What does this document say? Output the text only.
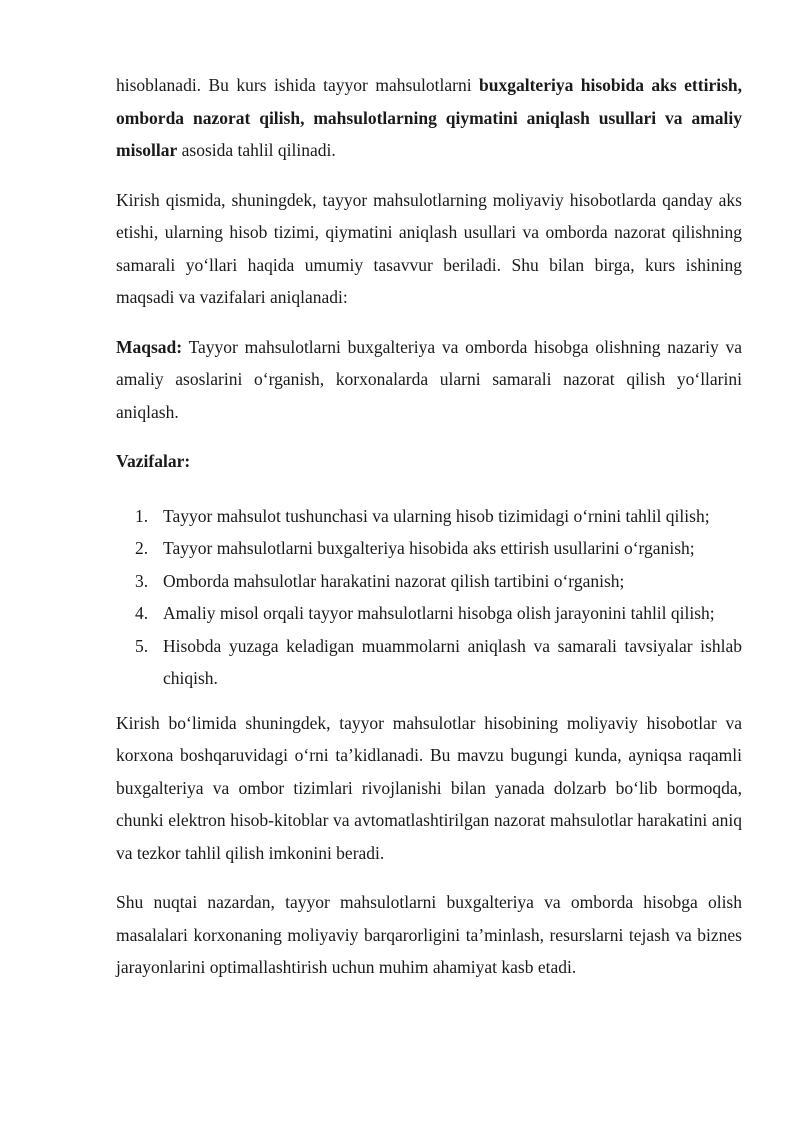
hisoblanadi. Bu kurs ishida tayyor mahsulotlarni buxgalteriya hisobida aks ettirish, omborda nazorat qilish, mahsulotlarning qiymatini aniqlash usullari va amaliy misollar asosida tahlil qilinadi.

Kirish qismida, shuningdek, tayyor mahsulotlarning moliyaviy hisobotlarda qanday aks etishi, ularning hisob tizimi, qiymatini aniqlash usullari va omborda nazorat qilishning samarali yo‘llari haqida umumiy tasavvur beriladi. Shu bilan birga, kurs ishining maqsadi va vazifalari aniqlanadi:

Maqsad: Tayyor mahsulotlarni buxgalteriya va omborda hisobga olishning nazariy va amaliy asoslarini o‘rganish, korxonalarda ularni samarali nazorat qilish yo‘llarini aniqlash.

Vazifalar:
1. Tayyor mahsulot tushunchasi va ularning hisob tizimidagi o‘rnini tahlil qilish;
2. Tayyor mahsulotlarni buxgalteriya hisobida aks ettirish usullarini o‘rganish;
3. Omborda mahsulotlar harakatini nazorat qilish tartibini o‘rganish;
4. Amaliy misol orqali tayyor mahsulotlarni hisobga olish jarayonini tahlil qilish;
5. Hisobda yuzaga keladigan muammolarni aniqlash va samarali tavsiyalar ishlab chiqish.

Kirish bo‘limida shuningdek, tayyor mahsulotlar hisobining moliyaviy hisobotlar va korxona boshqaruvidagi o‘rni ta’kidlanadi. Bu mavzu bugungi kunda, ayniqsa raqamli buxgalteriya va ombor tizimlari rivojlanishi bilan yanada dolzarb bo‘lib bormoqda, chunki elektron hisob-kitoblar va avtomatlashtirilgan nazorat mahsulotlar harakatini aniq va tezkor tahlil qilish imkonini beradi.

Shu nuqtai nazardan, tayyor mahsulotlarni buxgalteriya va omborda hisobga olish masalalari korxonaning moliyaviy barqarorligini ta’minlash, resurslarni tejash va biznes jarayonlarini optimallashtirish uchun muhim ahamiyat kasb etadi.
